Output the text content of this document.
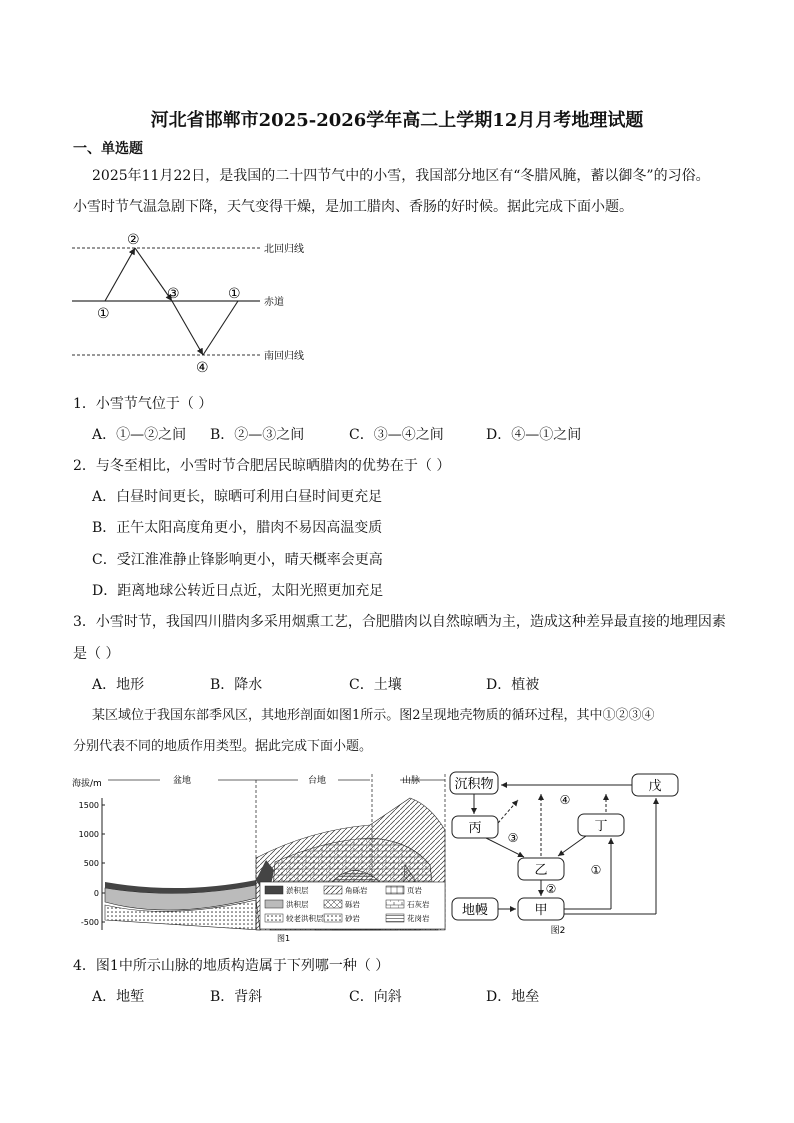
河北省邯郸市2025-2026学年高二上学期12月月考地理试题
一、单选题
2025年11月22日，是我国的二十四节气中的小雪，我国部分地区有“冬腊风腌，蓄以御冬”的习俗。
小雪时节气温急剧下降，天气变得干燥，是加工腊肉、香肠的好时候。据此完成下面小题。
北回归线
赤道
南回归线
①
②
③	①
④
1．小雪节气位于（ ）
A．①—②之间 B．②—③之间	C．③—④之间	D．④—①之间
2．与冬至相比，小雪时节合肥居民晾晒腊肉的优势在于（ ）
A．白昼时间更长，晾晒可利用白昼时间更充足
B．正午太阳高度角更小，腊肉不易因高温变质
C．受江淮准静止锋影响更小，晴天概率会更高
D．距离地球公转近日点近，太阳光照更加充足
3．小雪时节，我国四川腊肉多采用烟熏工艺，合肥腊肉以自然晾晒为主，造成这种差异最直接的地理因素
是（ ）
A．地形	B．降水	C．土壤	D．植被
某区域位于我国东部季风区，其地形剖面如图1所示。图2呈现地壳物质的循环过程，其中①②③④
分别代表不同的地质作用类型。据此完成下面小题。
海拔/m
1500
1000
500
0
-500
盆地	台地	山脉
淤积层	角砾岩	页岩
洪积层	砾岩	石灰岩
较老洪积层	砂岩	花岗岩
图1
沉积物	戊
丙	丁
乙
地幔	甲
①
②
③
④
图2
4．图1中所示山脉的地质构造属于下列哪一种（ ）
A．地堑	B．背斜	C．向斜	D．地垒
